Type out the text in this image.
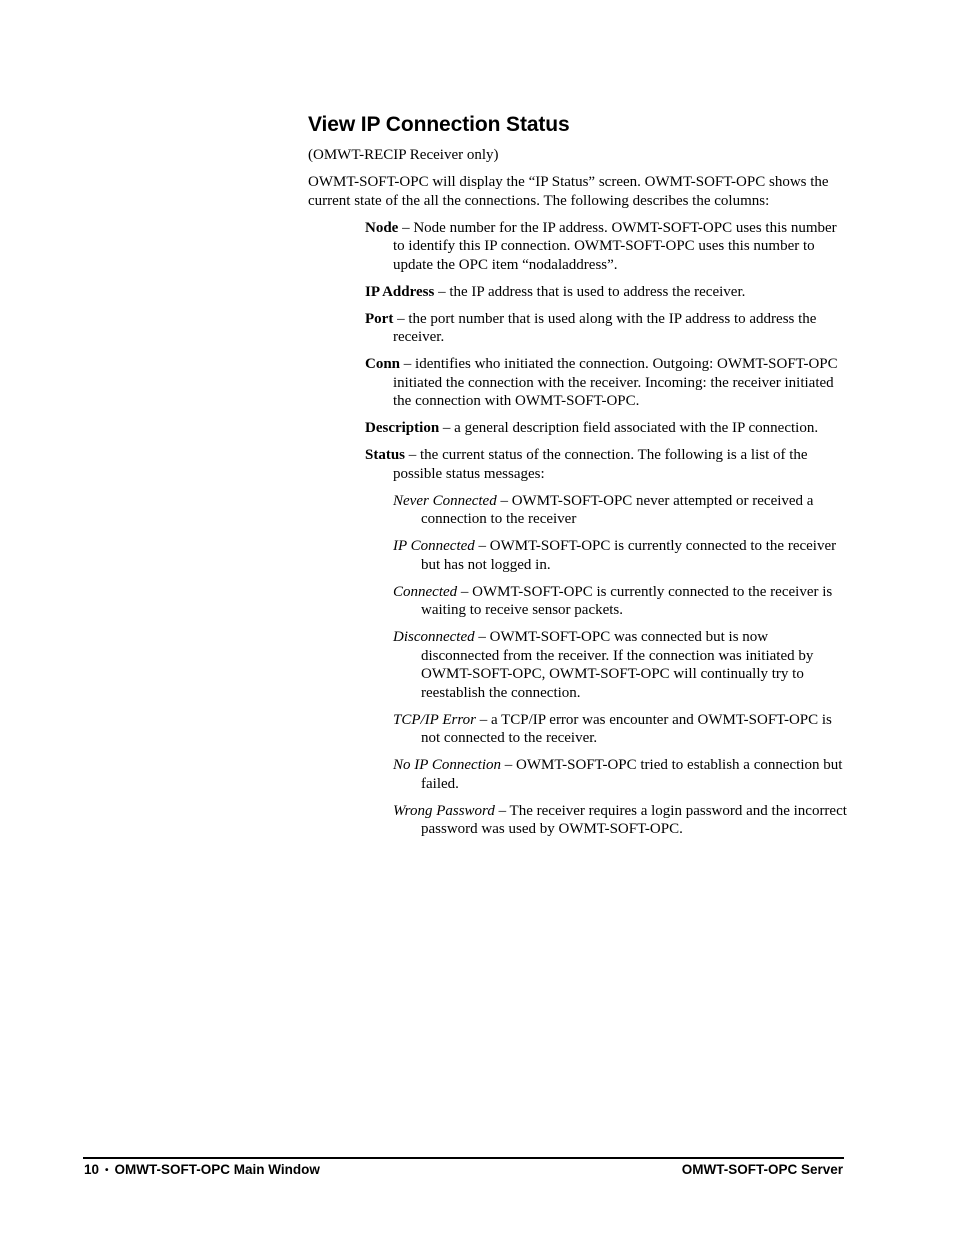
View IP Connection Status

(OMWT-RECIP Receiver only)

OWMT-SOFT-OPC will display the “IP Status” screen. OWMT-SOFT-OPC shows the current state of the all the connections. The following describes the columns:

Node – Node number for the IP address. OWMT-SOFT-OPC uses this number to identify this IP connection. OWMT-SOFT-OPC uses this number to update the OPC item “nodaladdress”.
IP Address – the IP address that is used to address the receiver.
Port – the port number that is used along with the IP address to address the receiver.
Conn – identifies who initiated the connection. Outgoing: OWMT-SOFT-OPC initiated the connection with the receiver. Incoming: the receiver initiated the connection with OWMT-SOFT-OPC.
Description – a general description field associated with the IP connection.
Status – the current status of the connection. The following is a list of the possible status messages:
Never Connected – OWMT-SOFT-OPC never attempted or received a connection to the receiver
IP Connected – OWMT-SOFT-OPC is currently connected to the receiver but has not logged in.
Connected – OWMT-SOFT-OPC is currently connected to the receiver is waiting to receive sensor packets.
Disconnected – OWMT-SOFT-OPC was connected but is now disconnected from the receiver. If the connection was initiated by OWMT-SOFT-OPC, OWMT-SOFT-OPC will continually try to reestablish the connection.
TCP/IP Error – a TCP/IP error was encounter and OWMT-SOFT-OPC is not connected to the receiver.
No IP Connection – OWMT-SOFT-OPC tried to establish a connection but failed.
Wrong Password – The receiver requires a login password and the incorrect password was used by OWMT-SOFT-OPC.
10 • OMWT-SOFT-OPC Main Window	OMWT-SOFT-OPC Server
